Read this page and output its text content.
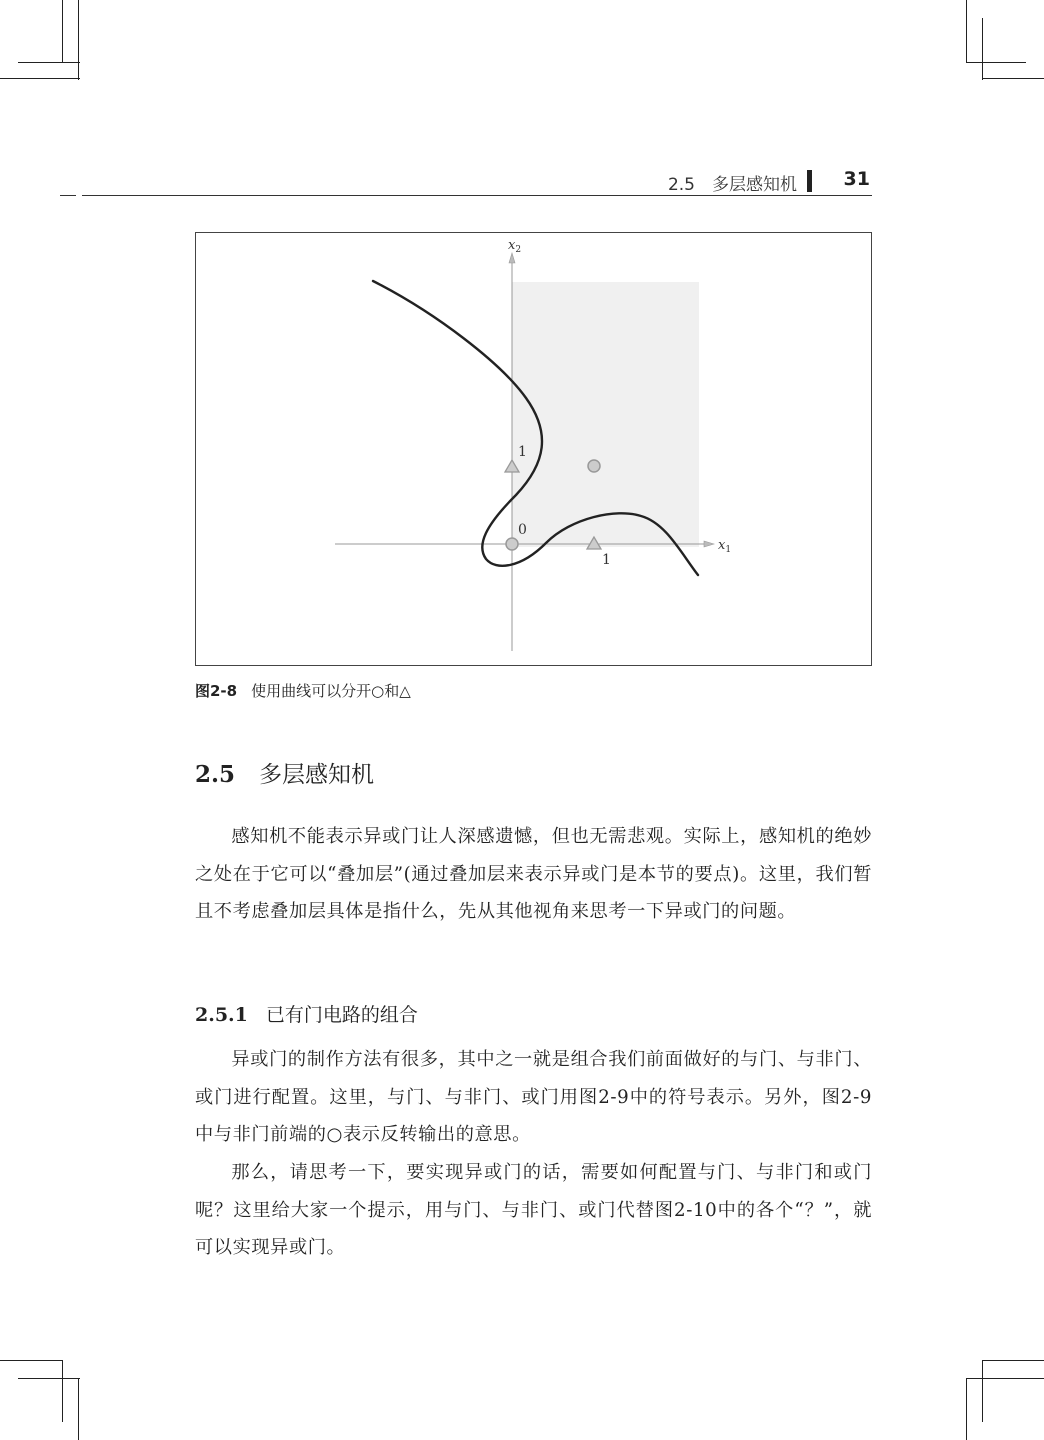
2.5　多层感知机 31
$x_2$
$x_1$
1
0
1
图2-8 使用曲线可以分开○和△
2.5 多层感知机

感知机不能表示异或门让人深感遗憾，但也无需悲观。实际上，感知机的绝妙之处在于它可以“叠加层”(通过叠加层来表示异或门是本节的要点)。这里，我们暂且不考虑叠加层具体是指什么，先从其他视角来思考一下异或门的问题。

2.5.1 已有门电路的组合

异或门的制作方法有很多，其中之一就是组合我们前面做好的与门、与非门、或门进行配置。这里，与门、与非门、或门用图2-9中的符号表示。另外，图2-9中与非门前端的○表示反转输出的意思。

那么，请思考一下，要实现异或门的话，需要如何配置与门、与非门和或门呢？这里给大家一个提示，用与门、与非门、或门代替图2-10中的各个“？”，就可以实现异或门。
